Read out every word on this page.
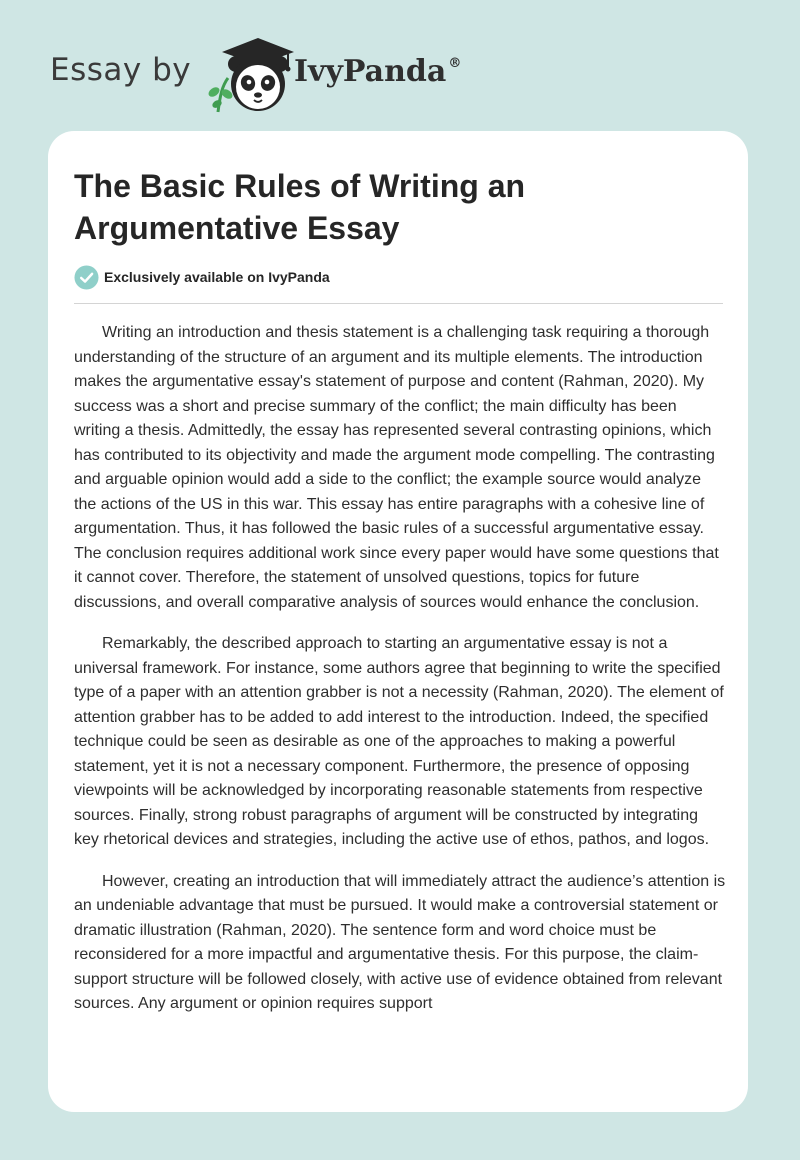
Essay by	IvyPanda ®
The Basic Rules of Writing an Argumentative Essay
Exclusively available on IvyPanda

Writing an introduction and thesis statement is a challenging task requiring a thorough understanding of the structure of an argument and its multiple elements. The introduction makes the argumentative essay's statement of purpose and content (Rahman, 2020). My success was a short and precise summary of the conflict; the main difficulty has been writing a thesis. Admittedly, the essay has represented several contrasting opinions, which has contributed to its objectivity and made the argument mode compelling. The contrasting and arguable opinion would add a side to the conflict; the example source would analyze the actions of the US in this war. This essay has entire paragraphs with a cohesive line of argumentation. Thus, it has followed the basic rules of a successful argumentative essay. The conclusion requires additional work since every paper would have some questions that it cannot cover. Therefore, the statement of unsolved questions, topics for future discussions, and overall comparative analysis of sources would enhance the conclusion.

Remarkably, the described approach to starting an argumentative essay is not a universal framework. For instance, some authors agree that beginning to write the specified type of a paper with an attention grabber is not a necessity (Rahman, 2020). The element of attention grabber has to be added to add interest to the introduction. Indeed, the specified technique could be seen as desirable as one of the approaches to making a powerful statement, yet it is not a necessary component. Furthermore, the presence of opposing viewpoints will be acknowledged by incorporating reasonable statements from respective sources. Finally, strong robust paragraphs of argument will be constructed by integrating key rhetorical devices and strategies, including the active use of ethos, pathos, and logos.

However, creating an introduction that will immediately attract the audience’s attention is an undeniable advantage that must be pursued. It would make a controversial statement or dramatic illustration (Rahman, 2020). The sentence form and word choice must be reconsidered for a more impactful and argumentative thesis. For this purpose, the claim-support structure will be followed closely, with active use of evidence obtained from relevant sources. Any argument or opinion requires support
